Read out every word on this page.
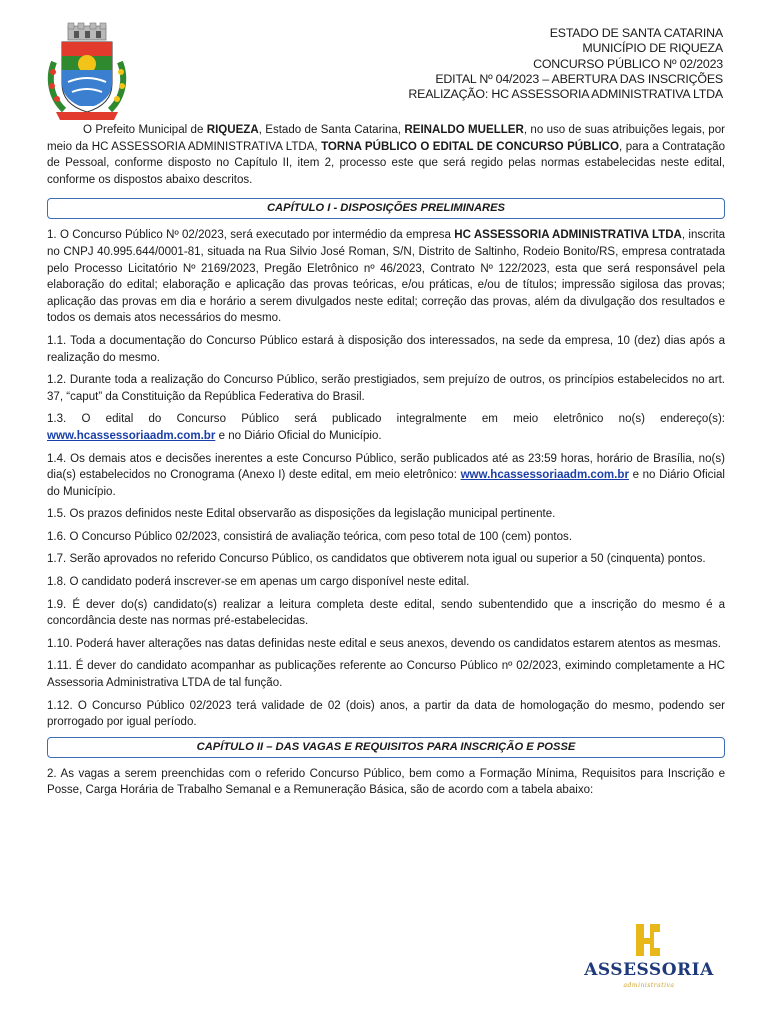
ESTADO DE SANTA CATARINA
MUNICÍPIO DE RIQUEZA
CONCURSO PÚBLICO Nº 02/2023
EDITAL Nº 04/2023 – ABERTURA DAS INSCRIÇÕES
REALIZAÇÃO: HC ASSESSORIA ADMINISTRATIVA LTDA

O Prefeito Municipal de RIQUEZA, Estado de Santa Catarina, REINALDO MUELLER, no uso de suas atribuições legais, por meio da HC ASSESSORIA ADMINISTRATIVA LTDA, TORNA PÚBLICO O EDITAL DE CONCURSO PÚBLICO, para a Contratação de Pessoal, conforme disposto no Capítulo II, item 2, processo este que será regido pelas normas estabelecidas neste edital, conforme os dispostos abaixo descritos.

CAPÍTULO I - DISPOSIÇÕES PRELIMINARES

1. O Concurso Público Nº 02/2023, será executado por intermédio da empresa HC ASSESSORIA ADMINISTRATIVA LTDA, inscrita no CNPJ 40.995.644/0001-81, situada na Rua Silvio José Roman, S/N, Distrito de Saltinho, Rodeio Bonito/RS, empresa contratada pelo Processo Licitatório Nº 2169/2023, Pregão Eletrônico nº 46/2023, Contrato Nº 122/2023, esta que será responsável pela elaboração do edital; elaboração e aplicação das provas teóricas, e/ou práticas, e/ou de títulos; impressão sigilosa das provas; aplicação das provas em dia e horário a serem divulgados neste edital; correção das provas, além da divulgação dos resultados e todos os demais atos necessários do mesmo.

1.1. Toda a documentação do Concurso Público estará à disposição dos interessados, na sede da empresa, 10 (dez) dias após a realização do mesmo.

1.2. Durante toda a realização do Concurso Público, serão prestigiados, sem prejuízo de outros, os princípios estabelecidos no art. 37, “caput” da Constituição da República Federativa do Brasil.

1.3. O edital do Concurso Público será publicado integralmente em meio eletrônico no(s) endereço(s): www.hcassessoriaadm.com.br e no Diário Oficial do Município.

1.4. Os demais atos e decisões inerentes a este Concurso Público, serão publicados até as 23:59 horas, horário de Brasília, no(s) dia(s) estabelecidos no Cronograma (Anexo I) deste edital, em meio eletrônico: www.hcassessoriaadm.com.br e no Diário Oficial do Município.

1.5. Os prazos definidos neste Edital observarão as disposições da legislação municipal pertinente.

1.6. O Concurso Público 02/2023, consistirá de avaliação teórica, com peso total de 100 (cem) pontos.

1.7. Serão aprovados no referido Concurso Público, os candidatos que obtiverem nota igual ou superior a 50 (cinquenta) pontos.

1.8. O candidato poderá inscrever-se em apenas um cargo disponível neste edital.

1.9. É dever do(s) candidato(s) realizar a leitura completa deste edital, sendo subentendido que a inscrição do mesmo é a concordância deste nas normas pré-estabelecidas.

1.10. Poderá haver alterações nas datas definidas neste edital e seus anexos, devendo os candidatos estarem atentos as mesmas.

1.11. É dever do candidato acompanhar as publicações referente ao Concurso Público nº 02/2023, eximindo completamente a HC Assessoria Administrativa LTDA de tal função.

1.12. O Concurso Público 02/2023 terá validade de 02 (dois) anos, a partir da data de homologação do mesmo, podendo ser prorrogado por igual período.

CAPÍTULO II – DAS VAGAS E REQUISITOS PARA INSCRIÇÃO E POSSE

2. As vagas a serem preenchidas com o referido Concurso Público, bem como a Formação Mínima, Requisitos para Inscrição e Posse, Carga Horária de Trabalho Semanal e a Remuneração Básica, são de acordo com a tabela abaixo:

ASSESSORIA
administrativa
